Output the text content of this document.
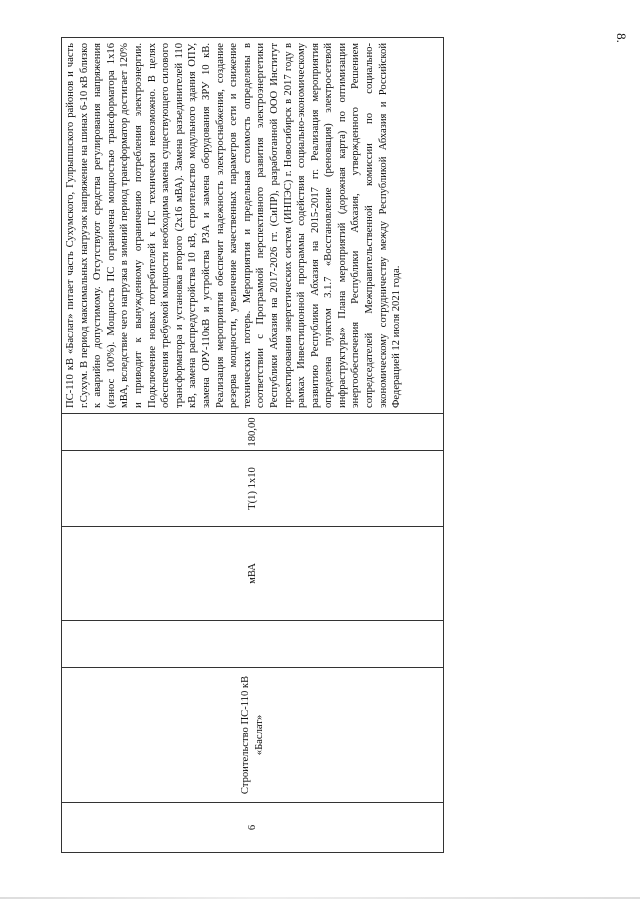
8.
6	Строительство ПС-110 кВ «Баслат»		мВА	Т(1) 1х10	180,00	ПС-110 кВ «Баслат» питает часть Сухумского, Гулрыпшского районов и часть г.Сухум. В период максимальных нагрузок напряжение на шинах 6-10 кВ близко к аварийно допустимому. Отсутствуют средства регулирования напряжения (износ 100%). Мощность ПС ограничена мощностью трансформатора 1х16 мВА, вследствие чего нагрузка в зимний период трансформатор достигает 120% и приводит к вынужденному ограничению потребления электроэнергии. Подключение новых потребителей к ПС технически невозможно. В целях обеспечения требуемой мощности необходима замена существующего силового трансформатора и установка второго (2х16 мВА). Замена разъединителей 110 кВ, замена распредустройства 10 кВ, строительство модульного здания ОПУ, замена ОРУ-110кВ и устройства РЗА и замена оборудования ЗРУ 10 кВ. Реализация мероприятия обеспечит надежность электроснабжения, создание резерва мощности, увеличение качественных параметров сети и снижение технических потерь. Мероприятия и предельная стоимость определены в соответствии с Программой перспективного развития электроэнергетики Республики Абхазия на 2017-2026 гг. (СиПР), разработанной ООО Институт проектирования энергетических систем (ИНПЭС) г. Новосибирск в 2017 году в рамках Инвестиционной программы содействия социально-экономическому развитию Республики Абхазия на 2015-2017 гг. Реализация мероприятия определена пунктом 3.1.7 «Восстановление (реновация) электросетевой инфраструктуры» Плана мероприятий (дорожная карта) по оптимизации энергообеспечения Республики Абхазия, утвержденного Решением сопредседателей Межправительственной комиссии по социально-экономическому сотрудничеству между Республикой Абхазия и Российской Федерацией 12 июля 2021 года.
